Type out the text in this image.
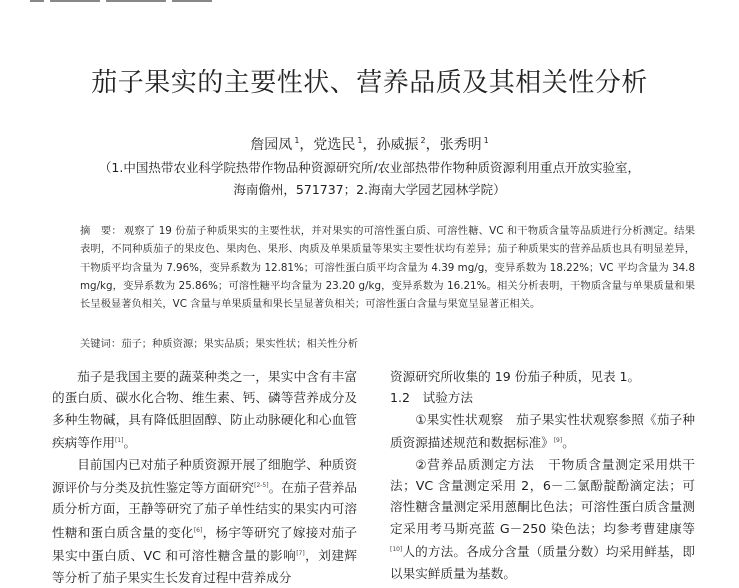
茄子果实的主要性状、营养品质及其相关性分析
詹园凤 $^1$，党选民 $^1$，孙威振 $^2$，张秀明 $^1$
（1.中国热带农业科学院热带作物品种资源研究所/农业部热带作物种质资源利用重点开放实验室，
海南儋州，571737；2.海南大学园艺园林学院）
摘　要： 观察了 19 份茄子种质果实的主要性状，并对果实的可溶性蛋白质、可溶性糖、VC 和干物质含量等品质进行分析测定。结果表明，不同种质茄子的果皮色、果肉色、果形、肉质及单果质量等果实主要性状均有差异；茄子种质果实的营养品质也具有明显差异，干物质平均含量为 7.96%，变异系数为 12.81%；可溶性蛋白质平均含量为 4.39 mg/g，变异系数为 18.22%；VC 平均含量为 34.8 mg/kg，变异系数为 25.86%；可溶性糖平均含量为 23.20 g/kg，变异系数为 16.21%。相关分析表明，干物质含量与单果质量和果长呈极显著负相关，VC 含量与单果质量和果长呈显著负相关；可溶性蛋白含量与果宽呈显著正相关。
关键词：茄子；种质资源；果实品质；果实性状；相关性分析

茄子是我国主要的蔬菜种类之一，果实中含有丰富的蛋白质、碳水化合物、维生素、钙、磷等营养成分及多种生物碱，具有降低胆固醇、防止动脉硬化和心血管疾病等作用[1]。

目前国内已对茄子种质资源开展了细胞学、种质资源评价与分类及抗性鉴定等方面研究[2-5]。在茄子营养品质分析方面，王静等研究了茄子单性结实的果实内可溶性糖和蛋白质含量的变化[6]，杨宇等研究了嫁接对茄子果实中蛋白质、VC 和可溶性糖含量的影响[7]，刘建辉等分析了茄子果实生长发育过程中营养成分

资源研究所收集的 19 份茄子种质，见表 1。

1.2　试验方法

①果实性状观察　茄子果实性状观察参照《茄子种质资源描述规范和数据标准》[9]。

②营养品质测定方法　干物质含量测定采用烘干法；VC 含量测定采用 2，6－二氯酚靛酚滴定法；可溶性糖含量测定采用蒽酮比色法；可溶性蛋白质含量测定采用考马斯亮蓝 G－250 染色法；均参考曹建康等[10]人的方法。各成分含量（质量分数）均采用鲜基，即以果实鲜质量为基数。
